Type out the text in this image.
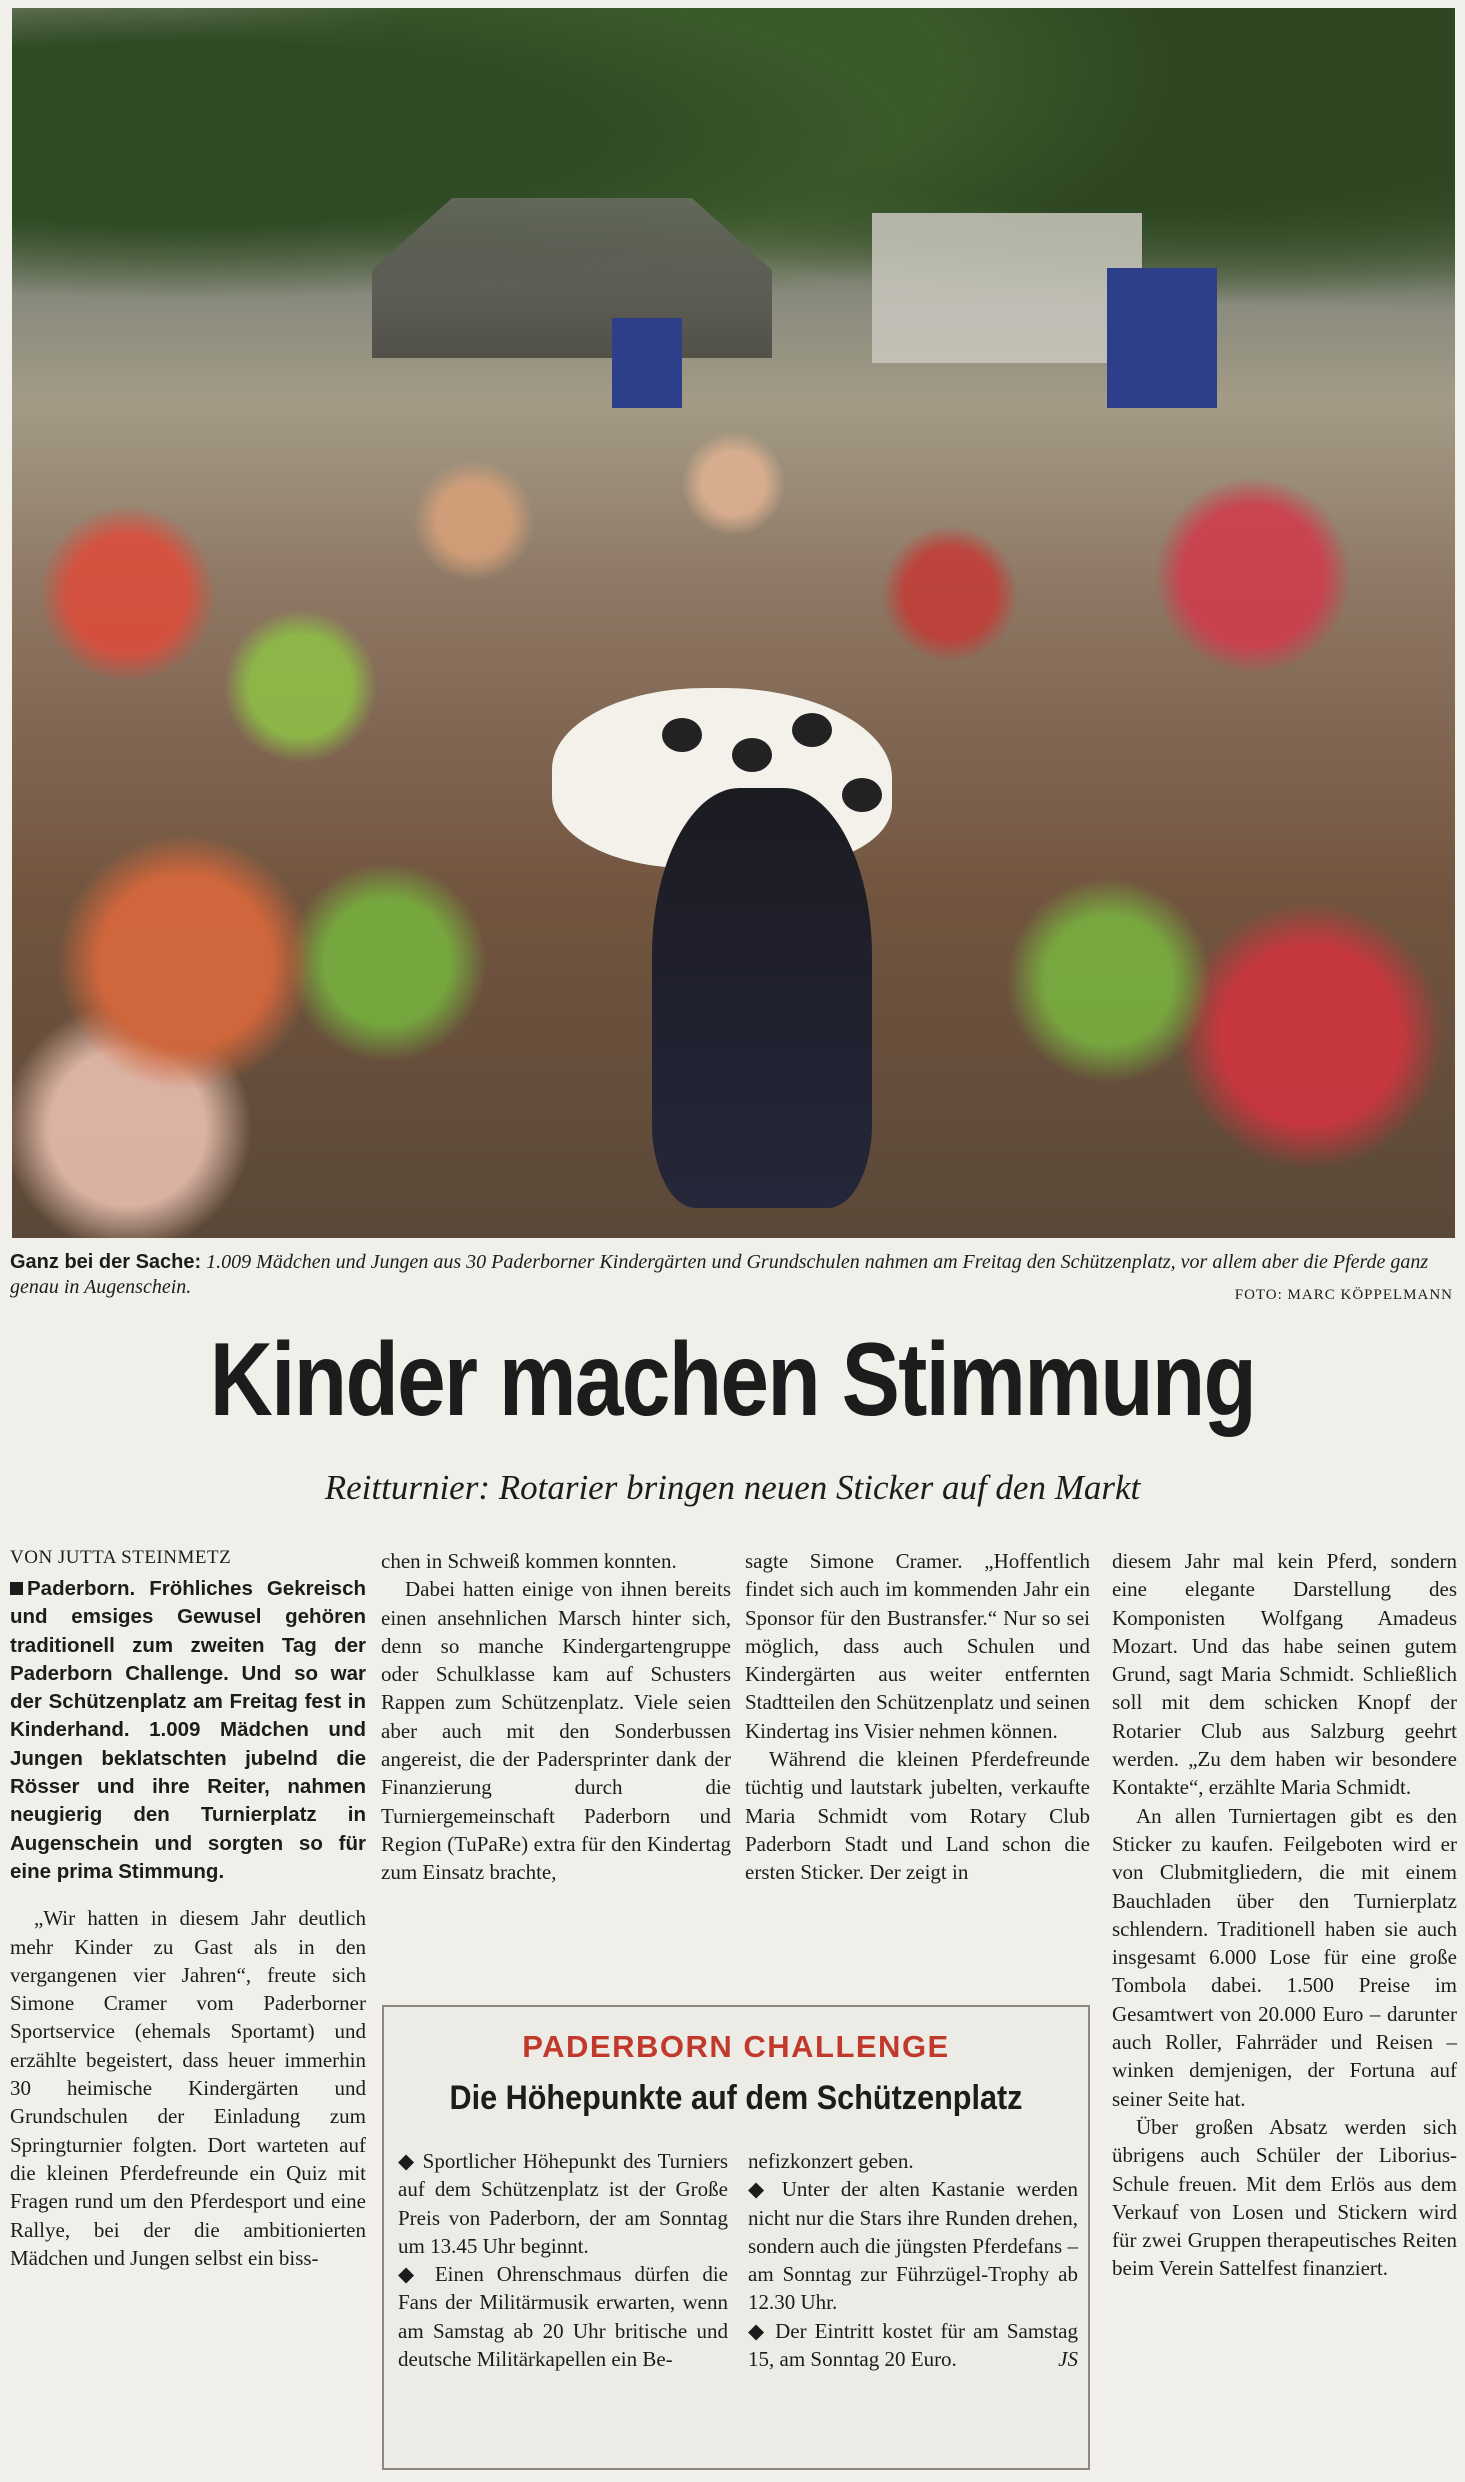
Ganz bei der Sache: 1.009 Mädchen und Jungen aus 30 Paderborner Kindergärten und Grundschulen nahmen am Freitag den Schützenplatz, vor allem aber die Pferde ganz genau in Augenschein.	FOTO: MARC KÖPPELMANN
Kinder machen Stimmung
Reitturnier: Rotarier bringen neuen Sticker auf den Markt
VON JUTTA STEINMETZ

Paderborn. Fröhliches Gekreisch und emsiges Gewusel gehören traditionell zum zweiten Tag der Paderborn Challenge. Und so war der Schützenplatz am Freitag fest in Kinderhand. 1.009 Mädchen und Jungen beklatschten jubelnd die Rösser und ihre Reiter, nahmen neugierig den Turnierplatz in Augenschein und sorgten so für eine prima Stimmung.

„Wir hatten in diesem Jahr deutlich mehr Kinder zu Gast als in den vergangenen vier Jahren“, freute sich Simone Cramer vom Paderborner Sportservice (ehemals Sportamt) und erzählte begeistert, dass heuer immerhin 30 heimische Kindergärten und Grundschulen der Einladung zum Springturnier folgten. Dort warteten auf die kleinen Pferdefreunde ein Quiz mit Fragen rund um den Pferdesport und eine Rallye, bei der die ambitionierten Mädchen und Jungen selbst ein biss-

chen in Schweiß kommen konnten.

Dabei hatten einige von ihnen bereits einen ansehnlichen Marsch hinter sich, denn so manche Kindergartengruppe oder Schulklasse kam auf Schusters Rappen zum Schützenplatz. Viele seien aber auch mit den Sonderbussen angereist, die der Padersprinter dank der Finanzierung durch die Turniergemeinschaft Paderborn und Region (TuPaRe) extra für den Kindertag zum Einsatz brachte,

sagte Simone Cramer. „Hoffentlich findet sich auch im kommenden Jahr ein Sponsor für den Bustransfer.“ Nur so sei möglich, dass auch Schulen und Kindergärten aus weiter entfernten Stadtteilen den Schützenplatz und seinen Kindertag ins Visier nehmen können.

Während die kleinen Pferdefreunde tüchtig und lautstark jubelten, verkaufte Maria Schmidt vom Rotary Club Paderborn Stadt und Land schon die ersten Sticker. Der zeigt in

diesem Jahr mal kein Pferd, sondern eine elegante Darstellung des Komponisten Wolfgang Amadeus Mozart. Und das habe seinen gutem Grund, sagt Maria Schmidt. Schließlich soll mit dem schicken Knopf der Rotarier Club aus Salzburg geehrt werden. „Zu dem haben wir besondere Kontakte“, erzählte Maria Schmidt.

An allen Turniertagen gibt es den Sticker zu kaufen. Feilgeboten wird er von Clubmitgliedern, die mit einem Bauchladen über den Turnierplatz schlendern. Traditionell haben sie auch insgesamt 6.000 Lose für eine große Tombola dabei. 1.500 Preise im Gesamtwert von 20.000 Euro – darunter auch Roller, Fahrräder und Reisen – winken demjenigen, der Fortuna auf seiner Seite hat.

Über großen Absatz werden sich übrigens auch Schüler der Liborius-Schule freuen. Mit dem Erlös aus dem Verkauf von Losen und Stickern wird für zwei Gruppen therapeutisches Reiten beim Verein Sattelfest finanziert.

PADERBORN CHALLENGE
Die Höhepunkte auf dem Schützenplatz

◆ Sportlicher Höhepunkt des Turniers auf dem Schützenplatz ist der Große Preis von Paderborn, der am Sonntag um 13.45 Uhr beginnt.

◆ Einen Ohrenschmaus dürfen die Fans der Militärmusik erwarten, wenn am Samstag ab 20 Uhr britische und deutsche Militärkapellen ein Be-

nefizkonzert geben.

◆ Unter der alten Kastanie werden nicht nur die Stars ihre Runden drehen, sondern auch die jüngsten Pferdefans – am Sonntag zur Führzügel-Trophy ab 12.30 Uhr.

◆ Der Eintritt kostet für am Samstag 15, am Sonntag 20 Euro.	JS
